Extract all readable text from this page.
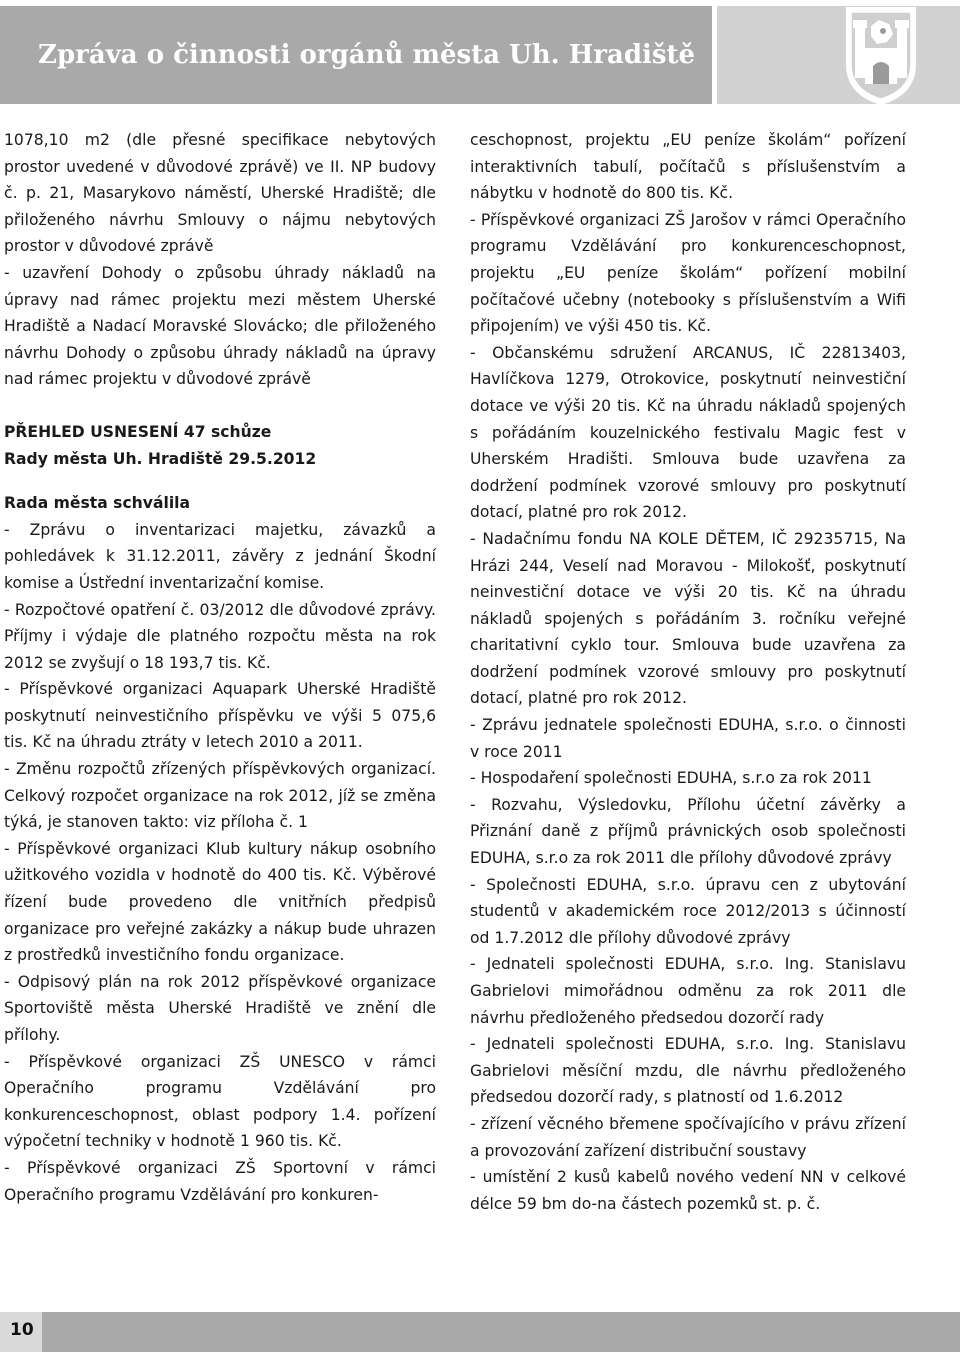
Zpráva o činnosti orgánů města Uh. Hradiště

1078,10 m2 (dle přesné specifikace nebytových prostor uvedené v důvodové zprávě) ve II. NP budovy č. p. 21, Masarykovo náměstí, Uherské Hradiště; dle přiloženého návrhu Smlouvy o nájmu nebytových prostor v důvodové zprávě

- uzavření Dohody o způsobu úhrady nákladů na úpravy nad rámec projektu mezi městem Uherské Hradiště a Nadací Moravské Slovácko; dle přiloženého návrhu Dohody o způsobu úhrady nákladů na úpravy nad rámec projektu v důvodové zprávě

PŘEHLED USNESENÍ 47 schůze

Rady města Uh. Hradiště 29.5.2012

Rada města schválila

- Zprávu o inventarizaci majetku, závazků a pohledávek k 31.12.2011, závěry z jednání Škodní komise a Ústřední inventarizační komise.

- Rozpočtové opatření č. 03/2012 dle důvodové zprávy. Příjmy i výdaje dle platného rozpočtu města na rok 2012 se zvyšují o 18 193,7 tis. Kč.

- Příspěvkové organizaci Aquapark Uherské Hradiště poskytnutí neinvestičního příspěvku ve výši 5 075,6 tis. Kč na úhradu ztráty v letech 2010 a 2011.

- Změnu rozpočtů zřízených příspěvkových organizací. Celkový rozpočet organizace na rok 2012, jíž se změna týká, je stanoven takto: viz příloha č. 1

- Příspěvkové organizaci Klub kultury nákup osobního užitkového vozidla v hodnotě do 400 tis. Kč. Výběrové řízení bude provedeno dle vnitřních předpisů organizace pro veřejné zakázky a nákup bude uhrazen z prostředků investičního fondu organizace.

- Odpisový plán na rok 2012 příspěvkové organizace Sportoviště města Uherské Hradiště ve znění dle přílohy.

- Příspěvkové organizaci ZŠ UNESCO v rámci Operačního programu Vzdělávání pro konkurenceschopnost, oblast podpory 1.4. pořízení výpočetní techniky v hodnotě 1 960 tis. Kč.

- Příspěvkové organizaci ZŠ Sportovní v rámci Operačního programu Vzdělávání pro konkuren-

ceschopnost, projektu „EU peníze školám“ pořízení interaktivních tabulí, počítačů s příslušenstvím a nábytku v hodnotě do 800 tis. Kč.

- Příspěvkové organizaci ZŠ Jarošov v rámci Operačního programu Vzdělávání pro konkurenceschopnost, projektu „EU peníze školám“ pořízení mobilní počítačové učebny (notebooky s příslušenstvím a Wifi připojením) ve výši 450 tis. Kč.

- Občanskému sdružení ARCANUS, IČ 22813403, Havlíčkova 1279, Otrokovice, poskytnutí neinvestiční dotace ve výši 20 tis. Kč na úhradu nákladů spojených s pořádáním kouzelnického festivalu Magic fest v Uherském Hradišti. Smlouva bude uzavřena za dodržení podmínek vzorové smlouvy pro poskytnutí dotací, platné pro rok 2012.

- Nadačnímu fondu NA KOLE DĚTEM, IČ 29235715, Na Hrázi 244, Veselí nad Moravou - Milokošť, poskytnutí neinvestiční dotace ve výši 20 tis. Kč na úhradu nákladů spojených s pořádáním 3. ročníku veřejné charitativní cyklo tour. Smlouva bude uzavřena za dodržení podmínek vzorové smlouvy pro poskytnutí dotací, platné pro rok 2012.

- Zprávu jednatele společnosti EDUHA, s.r.o. o činnosti v roce 2011

- Hospodaření společnosti EDUHA, s.r.o za rok 2011

- Rozvahu, Výsledovku, Přílohu účetní závěrky a Přiznání daně z příjmů právnických osob společnosti EDUHA, s.r.o za rok 2011 dle přílohy důvodové zprávy

- Společnosti EDUHA, s.r.o. úpravu cen z ubytování studentů v akademickém roce 2012/2013 s účinností od 1.7.2012 dle přílohy důvodové zprávy

- Jednateli společnosti EDUHA, s.r.o. Ing. Stanislavu Gabrielovi mimořádnou odměnu za rok 2011 dle návrhu předloženého předsedou dozorčí rady

- Jednateli společnosti EDUHA, s.r.o. Ing. Stanislavu Gabrielovi měsíční mzdu, dle návrhu předloženého předsedou dozorčí rady, s platností od 1.6.2012

- zřízení věcného břemene spočívajícího v právu zřízení a provozování zařízení distribuční soustavy

- umístění 2 kusů kabelů nového vedení NN v celkové délce 59 bm do-na částech pozemků st. p. č.

10
